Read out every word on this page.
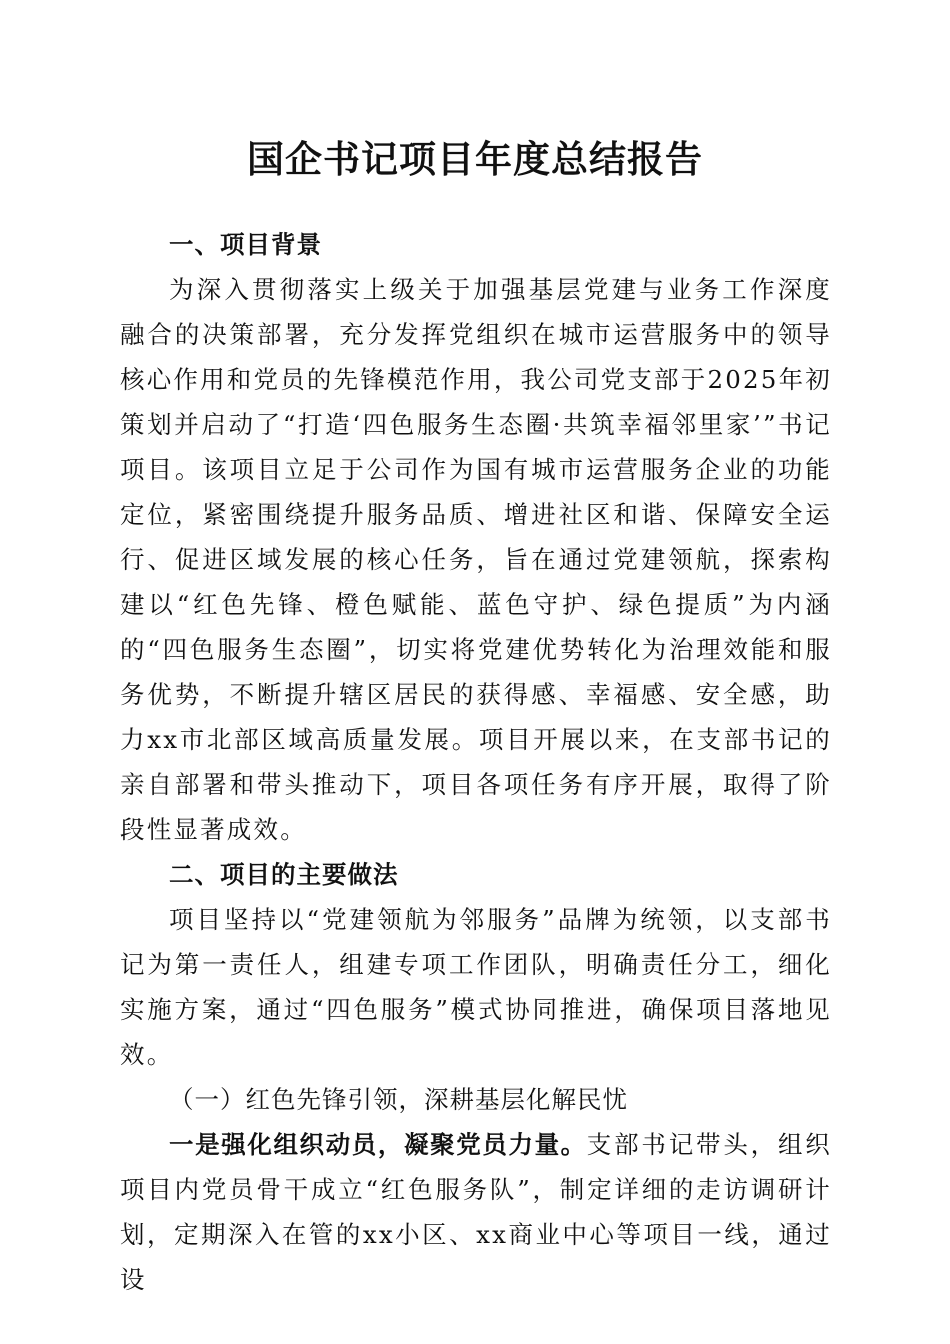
国企书记项目年度总结报告

一、项目背景

为深入贯彻落实上级关于加强基层党建与业务工作深度融合的决策部署，充分发挥党组织在城市运营服务中的领导核心作用和党员的先锋模范作用，我公司党支部于2025年初策划并启动了“打造‘四色服务生态圈·共筑幸福邻里家’”书记项目。该项目立足于公司作为国有城市运营服务企业的功能定位，紧密围绕提升服务品质、增进社区和谐、保障安全运行、促进区域发展的核心任务，旨在通过党建领航，探索构建以“红色先锋、橙色赋能、蓝色守护、绿色提质”为内涵的“四色服务生态圈”，切实将党建优势转化为治理效能和服务优势，不断提升辖区居民的获得感、幸福感、安全感，助力xx市北部区域高质量发展。项目开展以来，在支部书记的亲自部署和带头推动下，项目各项任务有序开展，取得了阶段性显著成效。

二、项目的主要做法

项目坚持以“党建领航为邻服务”品牌为统领，以支部书记为第一责任人，组建专项工作团队，明确责任分工，细化实施方案，通过“四色服务”模式协同推进，确保项目落地见效。

（一）红色先锋引领，深耕基层化解民忧

一是强化组织动员，凝聚党员力量。支部书记带头，组织项目内党员骨干成立“红色服务队”，制定详细的走访调研计划，定期深入在管的xx小区、xx商业中心等项目一线，通过设
